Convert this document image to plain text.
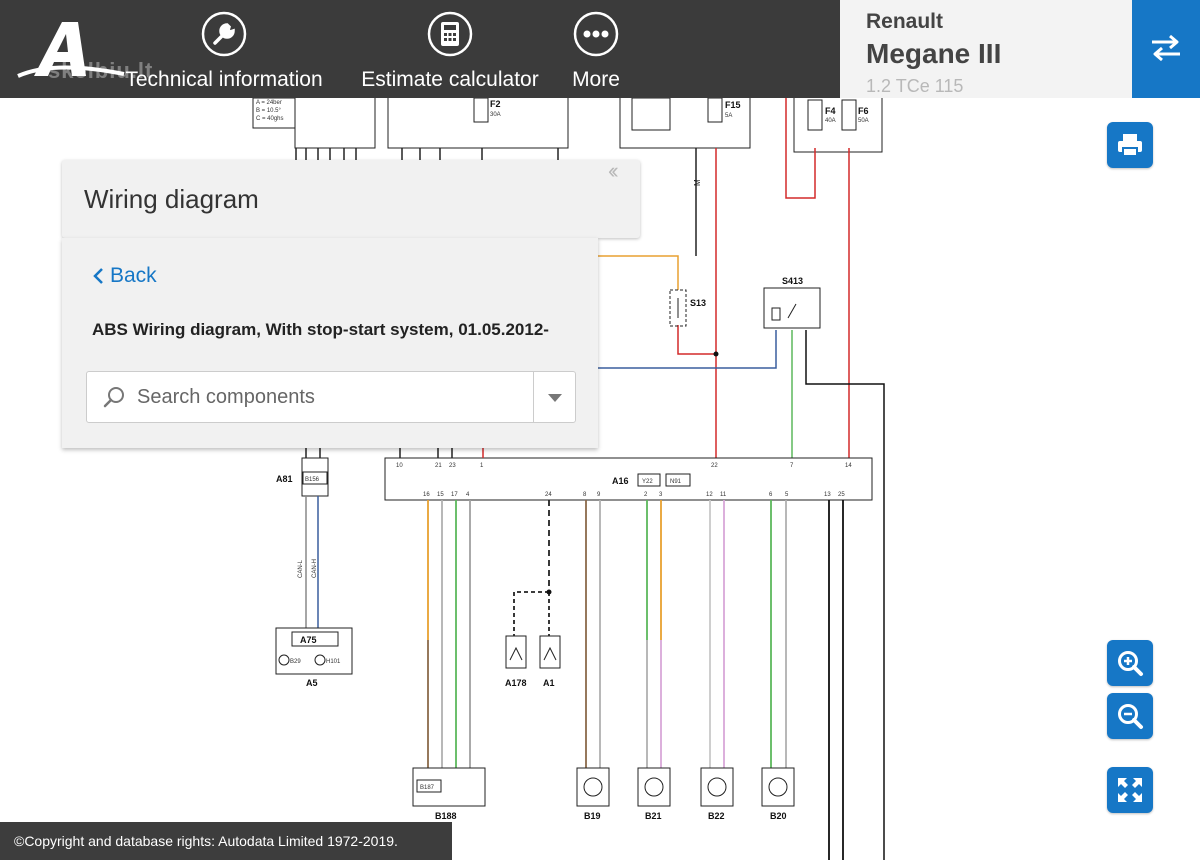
A = 24ber
B = 10.5°
C = 40ghs
F2
30A
F15
5A	F4
40A
F6
50A
M
S13
S413
A16 Y22	N91
10	21 23	1	22	7	14
16 15 17 4	24	8 9	2 3	12 11	6 5	13 25
A81 B156
CAN-L CAN-H
A75
B29	H101
A5	A178 A1
B187
B188	B19	B21	B22	B20
skelbiu.lt
Technical information	Estimate calculator	More
Renault
Megane III
1.2 TCe 115
Wiring diagram
‹‹
Back
ABS Wiring diagram, With stop-start system, 01.05.2012-
Search components
©Copyright and database rights: Autodata Limited 1972-2019.
